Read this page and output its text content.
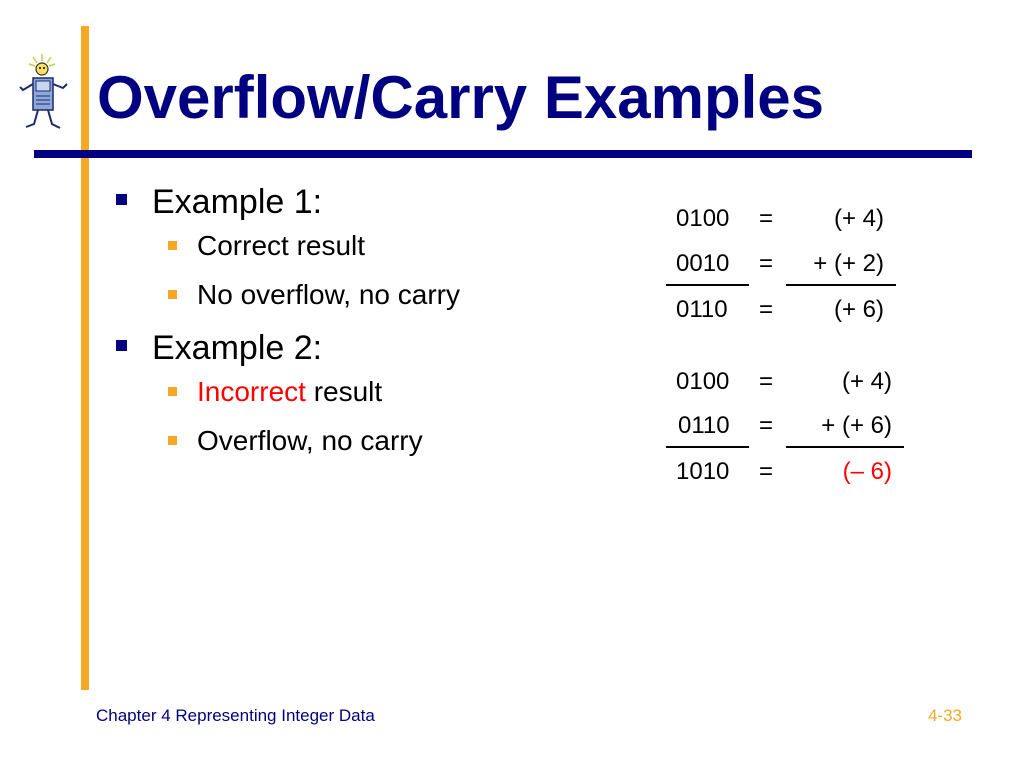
Overflow/Carry Examples
Example 1:
Correct result
No overflow, no carry
Example 2:
Incorrect result
Overflow, no carry
0100 =	(+ 4)
0010 =	+ (+ 2)
0110 =	(+ 6)
0100 =	(+ 4)
0110 =	+ (+ 6)
1010 =	(– 6)
Chapter 4 Representing Integer Data	4-33
